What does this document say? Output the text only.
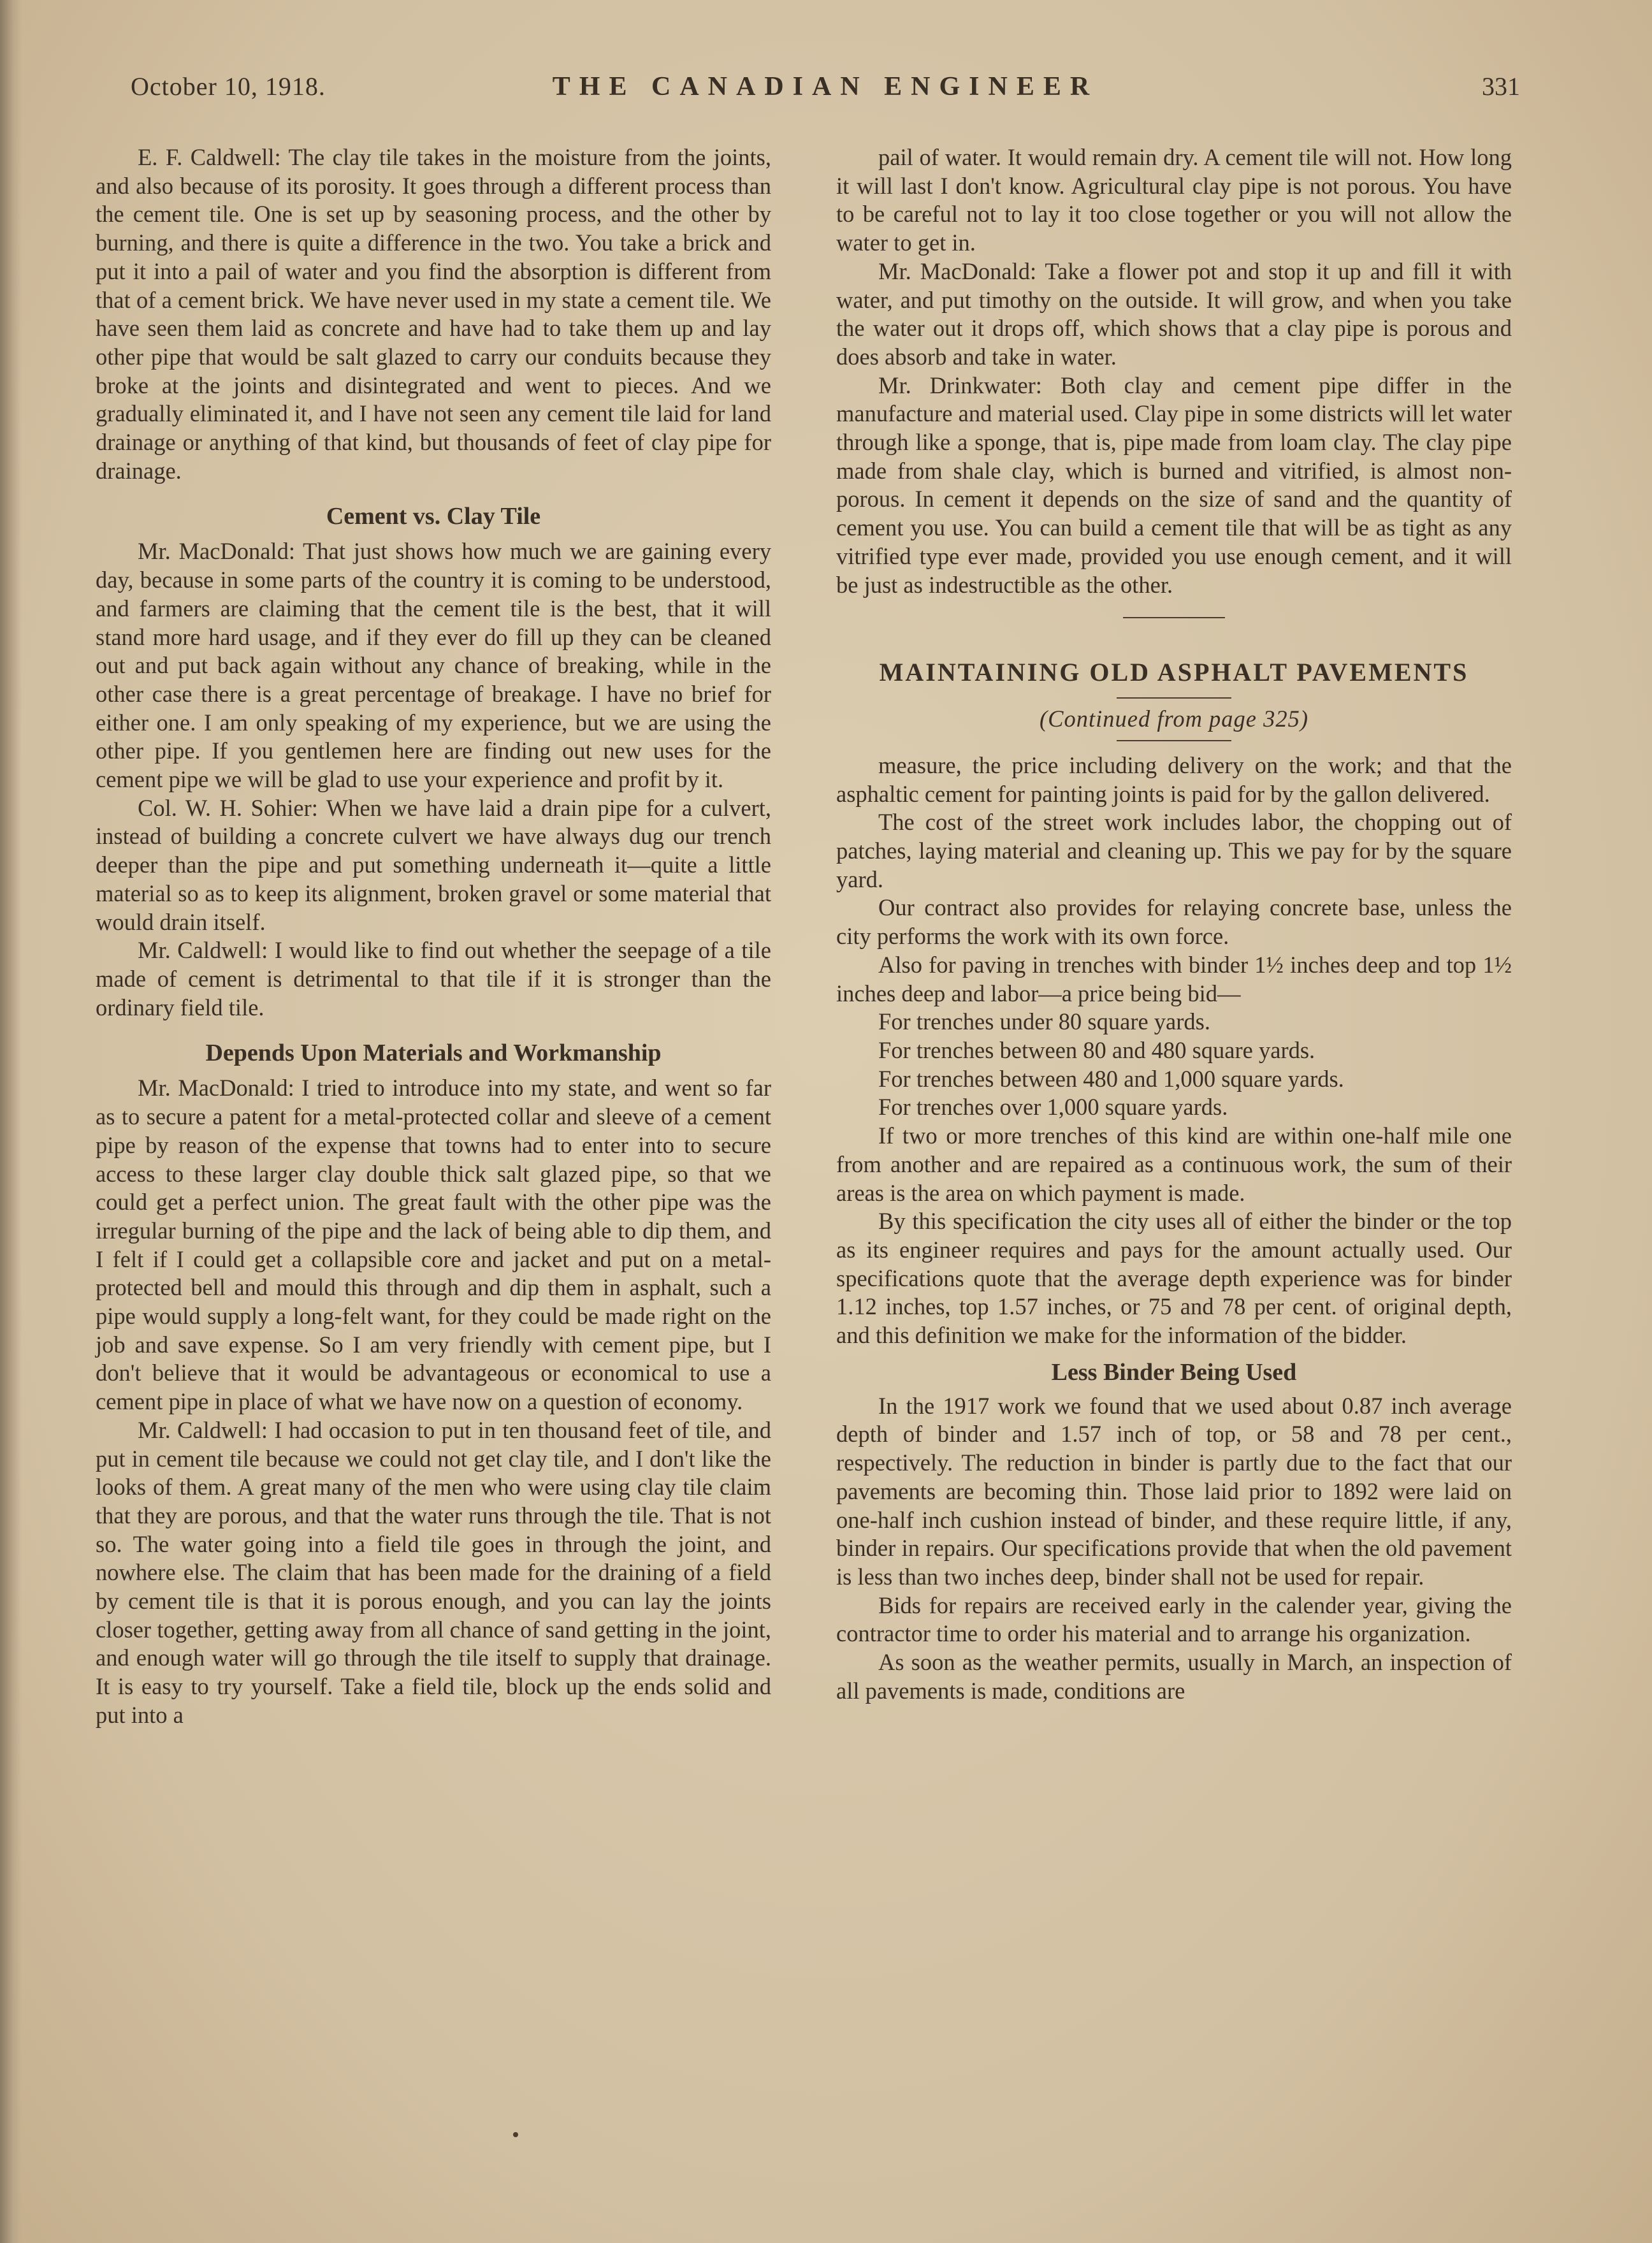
October 10, 1918.	THE CANADIAN ENGINEER	331

E. F. Caldwell: The clay tile takes in the moisture from the joints, and also because of its porosity. It goes through a different process than the cement tile. One is set up by seasoning process, and the other by burning, and there is quite a difference in the two. You take a brick and put it into a pail of water and you find the absorption is different from that of a cement brick. We have never used in my state a cement tile. We have seen them laid as concrete and have had to take them up and lay other pipe that would be salt glazed to carry our conduits because they broke at the joints and disintegrated and went to pieces. And we gradually eliminated it, and I have not seen any cement tile laid for land drainage or anything of that kind, but thousands of feet of clay pipe for drainage.

Cement vs. Clay Tile

Mr. MacDonald: That just shows how much we are gaining every day, because in some parts of the country it is coming to be understood, and farmers are claiming that the cement tile is the best, that it will stand more hard usage, and if they ever do fill up they can be cleaned out and put back again without any chance of breaking, while in the other case there is a great percentage of breakage. I have no brief for either one. I am only speaking of my experience, but we are using the other pipe. If you gentlemen here are finding out new uses for the cement pipe we will be glad to use your experience and profit by it.

Col. W. H. Sohier: When we have laid a drain pipe for a culvert, instead of building a concrete culvert we have always dug our trench deeper than the pipe and put something underneath it—quite a little material so as to keep its alignment, broken gravel or some material that would drain itself.

Mr. Caldwell: I would like to find out whether the seepage of a tile made of cement is detrimental to that tile if it is stronger than the ordinary field tile.

Depends Upon Materials and Workmanship

Mr. MacDonald: I tried to introduce into my state, and went so far as to secure a patent for a metal-protected collar and sleeve of a cement pipe by reason of the expense that towns had to enter into to secure access to these larger clay double thick salt glazed pipe, so that we could get a perfect union. The great fault with the other pipe was the irregular burning of the pipe and the lack of being able to dip them, and I felt if I could get a collapsible core and jacket and put on a metal-protected bell and mould this through and dip them in asphalt, such a pipe would supply a long-felt want, for they could be made right on the job and save expense. So I am very friendly with cement pipe, but I don't believe that it would be advantageous or economical to use a cement pipe in place of what we have now on a question of economy.

Mr. Caldwell: I had occasion to put in ten thousand feet of tile, and put in cement tile because we could not get clay tile, and I don't like the looks of them. A great many of the men who were using clay tile claim that they are porous, and that the water runs through the tile. That is not so. The water going into a field tile goes in through the joint, and nowhere else. The claim that has been made for the draining of a field by cement tile is that it is porous enough, and you can lay the joints closer together, getting away from all chance of sand getting in the joint, and enough water will go through the tile itself to supply that drainage. It is easy to try yourself. Take a field tile, block up the ends solid and put into a

pail of water. It would remain dry. A cement tile will not. How long it will last I don't know. Agricultural clay pipe is not porous. You have to be careful not to lay it too close together or you will not allow the water to get in.

Mr. MacDonald: Take a flower pot and stop it up and fill it with water, and put timothy on the outside. It will grow, and when you take the water out it drops off, which shows that a clay pipe is porous and does absorb and take in water.

Mr. Drinkwater: Both clay and cement pipe differ in the manufacture and material used. Clay pipe in some districts will let water through like a sponge, that is, pipe made from loam clay. The clay pipe made from shale clay, which is burned and vitrified, is almost non-porous. In cement it depends on the size of sand and the quantity of cement you use. You can build a cement tile that will be as tight as any vitrified type ever made, provided you use enough cement, and it will be just as indestructible as the other.

MAINTAINING OLD ASPHALT PAVEMENTS
(Continued from page 325)

measure, the price including delivery on the work; and that the asphaltic cement for painting joints is paid for by the gallon delivered.

The cost of the street work includes labor, the chopping out of patches, laying material and cleaning up. This we pay for by the square yard.

Our contract also provides for relaying concrete base, unless the city performs the work with its own force.

Also for paving in trenches with binder 1½ inches deep and top 1½ inches deep and labor—a price being bid—

For trenches under 80 square yards.

For trenches between 80 and 480 square yards.

For trenches between 480 and 1,000 square yards.

For trenches over 1,000 square yards.

If two or more trenches of this kind are within one-half mile one from another and are repaired as a continuous work, the sum of their areas is the area on which payment is made.

By this specification the city uses all of either the binder or the top as its engineer requires and pays for the amount actually used. Our specifications quote that the average depth experience was for binder 1.12 inches, top 1.57 inches, or 75 and 78 per cent. of original depth, and this definition we make for the information of the bidder.

Less Binder Being Used

In the 1917 work we found that we used about 0.87 inch average depth of binder and 1.57 inch of top, or 58 and 78 per cent., respectively. The reduction in binder is partly due to the fact that our pavements are becoming thin. Those laid prior to 1892 were laid on one-half inch cushion instead of binder, and these require little, if any, binder in repairs. Our specifications provide that when the old pavement is less than two inches deep, binder shall not be used for repair.

Bids for repairs are received early in the calender year, giving the contractor time to order his material and to arrange his organization.

As soon as the weather permits, usually in March, an inspection of all pavements is made, conditions are
